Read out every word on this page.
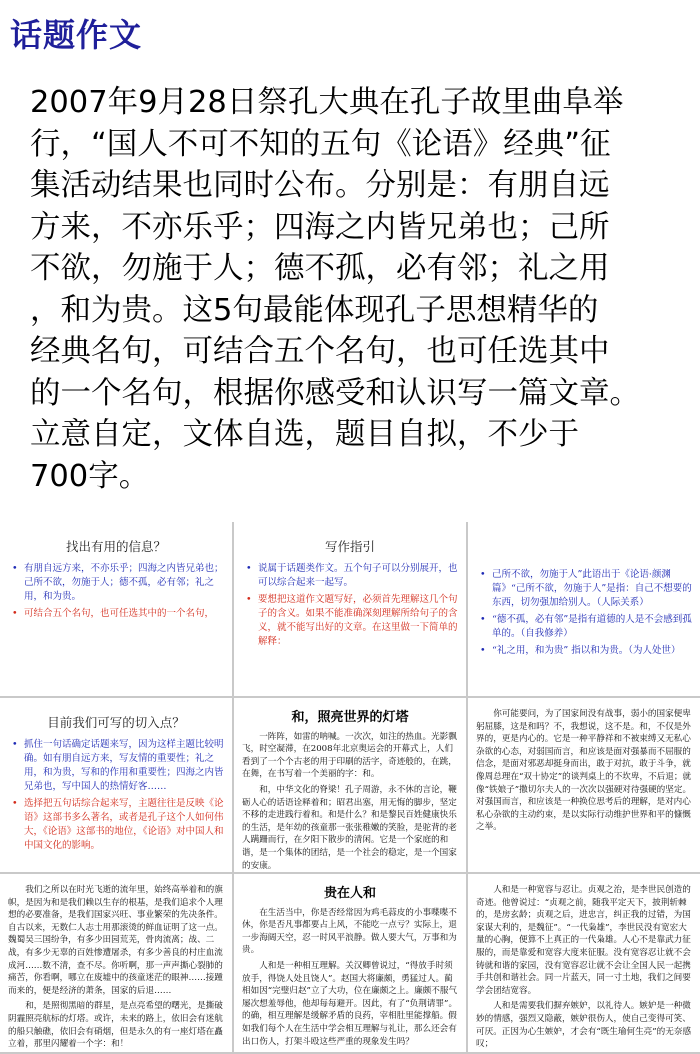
话题作文

2007年9月28日祭孔大典在孔子故里曲阜举
行，“国人不可不知的五句《论语》经典”征
集活动结果也同时公布。分别是：有朋自远
方来，不亦乐乎；四海之内皆兄弟也；己所
不欲，勿施于人；德不孤，必有邻；礼之用
，和为贵。这5句最能体现孔子思想精华的
经典名句，可结合五个名句，也可任选其中
的一个名句，根据你感受和认识写一篇文章。
立意自定，文体自选，题目自拟，不少于
700字。

找出有用的信息？
• 有朋自远方来，不亦乐乎；四海之内皆兄弟也；己所不欲，勿施于人；德不孤，必有邻；礼之用，和为贵。
• 可结合五个名句，也可任选其中的一个名句，
写作指引
• 说属于话题类作文。五个句子可以分别展开，也可以综合起来一起写。
• 要想把这道作文题写好，必须首先理解这几个句子的含义。如果不能准确深刻理解所给句子的含义，就不能写出好的文章。在这里做一下简单的解释：
• 己所不欲，勿施于人”此语出于《论语·颜渊篇》“己所不欲，勿施于人”是指：自己不想要的东西，切勿强加给别人。（人际关系）
• “德不孤，必有邻”是指有道德的人是不会感到孤单的。（自我修养）
• “礼之用，和为贵” 指以和为贵。（为人处世）
目前我们可写的切入点？
• 抓住一句话确定话题来写，因为这样主题比较明确。如有朋自远方来，写友情的重要性；礼之用，和为贵，写和的作用和重要性；四海之内皆兄弟也，写中国人的热情好客……
• 选择把五句话综合起来写，主题往往是反映《论语》这部书多么著名，或者是孔子这个人如何伟大，《论语》这部书的地位，《论语》对中国人和中国文化的影响。
和，照亮世界的灯塔

一阵阵，如雷的呐喊。一次次，如注的热血。光影飘飞，时空凝滞，在2008年北京奥运会的开幕式上，人们看到了一个个古老的用于印刷的活字，奇迹般的，在跳，在舞，在书写着一个美丽的字：和。

和，中华文化的脊梁！孔子周游，永不休的言论，鞭砺人心的话语诠释着和；昭君出塞，用无悔的脚步，坚定不移的走进践行着和。和是什么？和是黎民百姓健康快乐的生活，是年幼的孩童那一张张稚嫩的笑脸，是驼背的老人蹒跚而行，在夕阳下散步的清闲。它是一个家庭的和谐，是一个集体的团结，是一个社会的稳定，是一个国家的安康。

你可能要问，为了国家间没有战事，弱小的国家便卑躬屈膝，这是和吗？不，我想说，这不是。和，不仅是外界的，更是内心的。它是一种平静祥和不被束缚又无私心杂欲的心态，对弱国而言，和应该是面对强暴而不屈服的信念，是面对邪恶却挺身而出，敢于对抗，敢于斗争，就像周总理在“双十协定”的谈判桌上的不坎卑，不后退；就像“铁娘子”撒切尔夫人的一次次以强硬对待强硬的坚定。对强国而言，和应该是一种换位思考后的理解，是对内心私心杂欲的主动约束，是以实际行动维护世界和平的慷慨之举。

我们之所以在时光飞逝的流年里，始终高举着和的旗帜，是因为和是我们赖以生存的根基，是我们追求个人理想的必要准备，是我们国家兴旺、事业繁荣的先决条件。自古以来，无数仁人志士用那滚烫的鲜血证明了这一点。魏蜀吴三国纷争，有多少田园荒芜，骨肉流离；战、二战，有多少无辜的百姓惨遭屠杀，有多少善良的村庄血流成河……数不清，查不尽。你听啊，那一声声撕心裂肺的痛苦，你看啊，哪立在废墟中的孩童迷茫的眼神……接踵而来的，便是经济的萧条，国家的后退……

和，是照彻黑暗的群星，是点亮希望的曙光，是撕破阴霾照亮航标的灯塔。或许，未来的路上，依旧会有迷航的船只触礁，依旧会有硝烟，但是永久的有一座灯塔在矗立着，那里闪耀着一个字：和！

贵在人和

在生活当中，你是否经常因为鸡毛蒜皮的小事喋喋不休，你是否凡事都要占上风，不能吃一点亏？实际上，退一步海阔天空，忍一时风平浪静。做人要大气，万事和为贵。

人和是一种相互理解。关汉卿曾说过，“得放手时须放手，得饶人处且饶人”。赵国大将廉颇，勇猛过人。蔺相如因“完璧归赵”立了大功，位在廉颇之上。廉颇不服气屡次想羞辱他，他却每每避开。因此，有了“负荆请罪”。的确，相互理解是缓解矛盾的良药，宰相肚里能撑船。假如我们每个人在生活中学会相互理解与礼让，那么还会有出口伤人，打架斗殴这些严重的现象发生吗？

人和是一种宽容与忍让。贞观之治，是李世民创造的奇迹。他曾说过：“贞观之前，随我平定天下，披荆斩棘的，是房玄龄；贞观之后，进忠言，纠正我的过错，为国家谋大利的，是魏征”。“一代枭雄”，李世民没有宽宏大量的心胸，便算不上真正的一代枭雄。人心不是靠武力征服的，而是靠爱和宽容大度来征服。没有宽容忍让就不会铸就和谐的家园，没有宽容忍让就不会让全国人民一起携手共创和谐社会。同一片蓝天，同一寸土地，我们之间要学会团结宽容。

人和是需要我们摒弃嫉妒，以礼待人。嫉妒是一种微妙的情感，强烈又隐蔽，嫉妒很伤人，使自己变得可笑、可厌。正因为心生嫉妒，才会有“既生瑜何生亮”的无奈感叹；
